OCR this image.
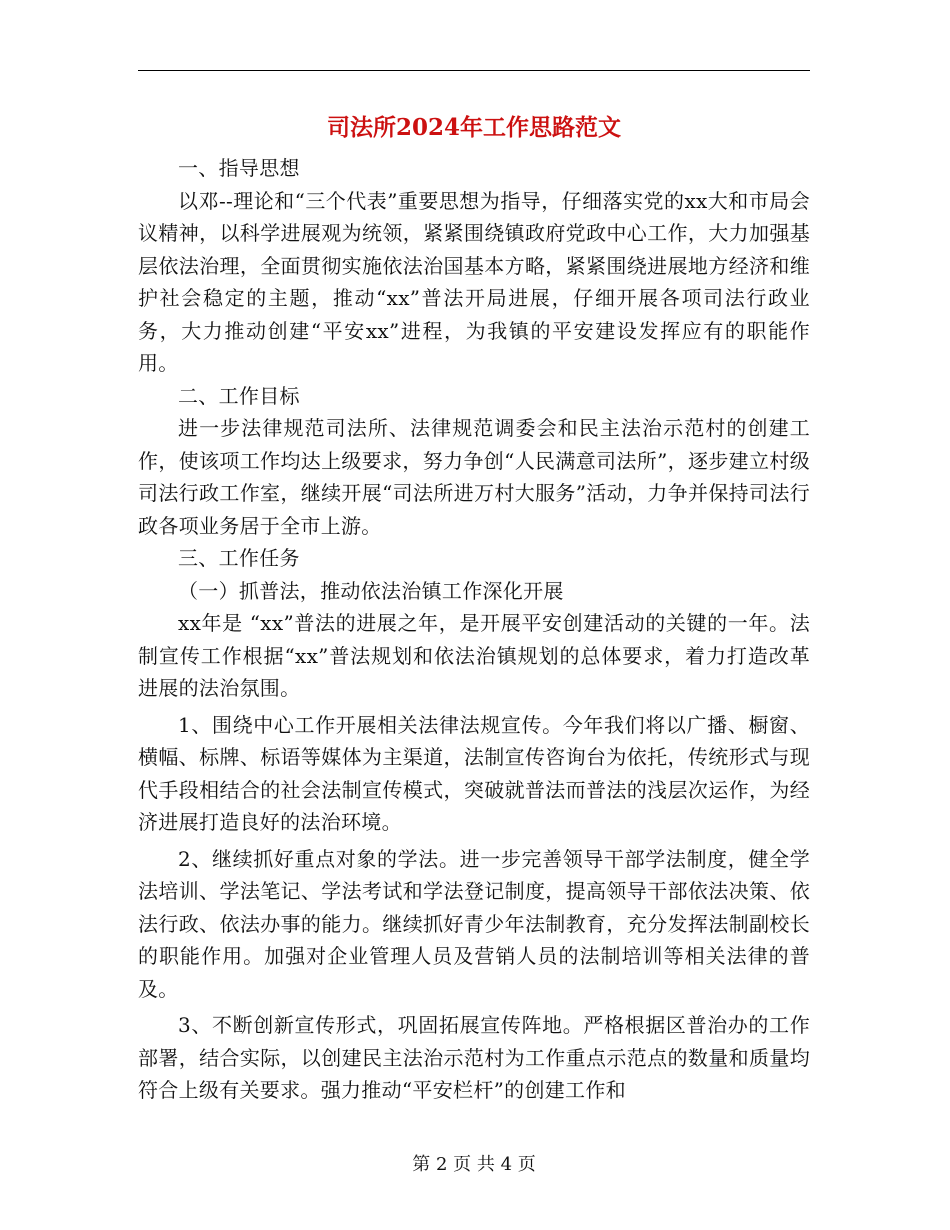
司法所2024年工作思路范文

一、指导思想

以邓--理论和“三个代表”重要思想为指导，仔细落实党的xx大和市局会议精神，以科学进展观为统领，紧紧围绕镇政府党政中心工作，大力加强基层依法治理，全面贯彻实施依法治国基本方略，紧紧围绕进展地方经济和维护社会稳定的主题，推动“xx”普法开局进展，仔细开展各项司法行政业务，大力推动创建“平安xx”进程，为我镇的平安建设发挥应有的职能作用。

二、工作目标

进一步法律规范司法所、法律规范调委会和民主法治示范村的创建工作，使该项工作均达上级要求，努力争创“人民满意司法所”，逐步建立村级司法行政工作室，继续开展“司法所进万村大服务”活动，力争并保持司法行政各项业务居于全市上游。

三、工作任务

（一）抓普法，推动依法治镇工作深化开展

xx年是 “xx”普法的进展之年，是开展平安创建活动的关键的一年。法制宣传工作根据“xx”普法规划和依法治镇规划的总体要求，着力打造改革进展的法治氛围。

1、围绕中心工作开展相关法律法规宣传。今年我们将以广播、橱窗、横幅、标牌、标语等媒体为主渠道，法制宣传咨询台为依托，传统形式与现代手段相结合的社会法制宣传模式，突破就普法而普法的浅层次运作，为经济进展打造良好的法治环境。

2、继续抓好重点对象的学法。进一步完善领导干部学法制度，健全学法培训、学法笔记、学法考试和学法登记制度，提高领导干部依法决策、依法行政、依法办事的能力。继续抓好青少年法制教育，充分发挥法制副校长的职能作用。加强对企业管理人员及营销人员的法制培训等相关法律的普及。

3、不断创新宣传形式，巩固拓展宣传阵地。严格根据区普治办的工作部署，结合实际，以创建民主法治示范村为工作重点示范点的数量和质量均符合上级有关要求。强力推动“平安栏杆”的创建工作和

第 2 页 共 4 页
